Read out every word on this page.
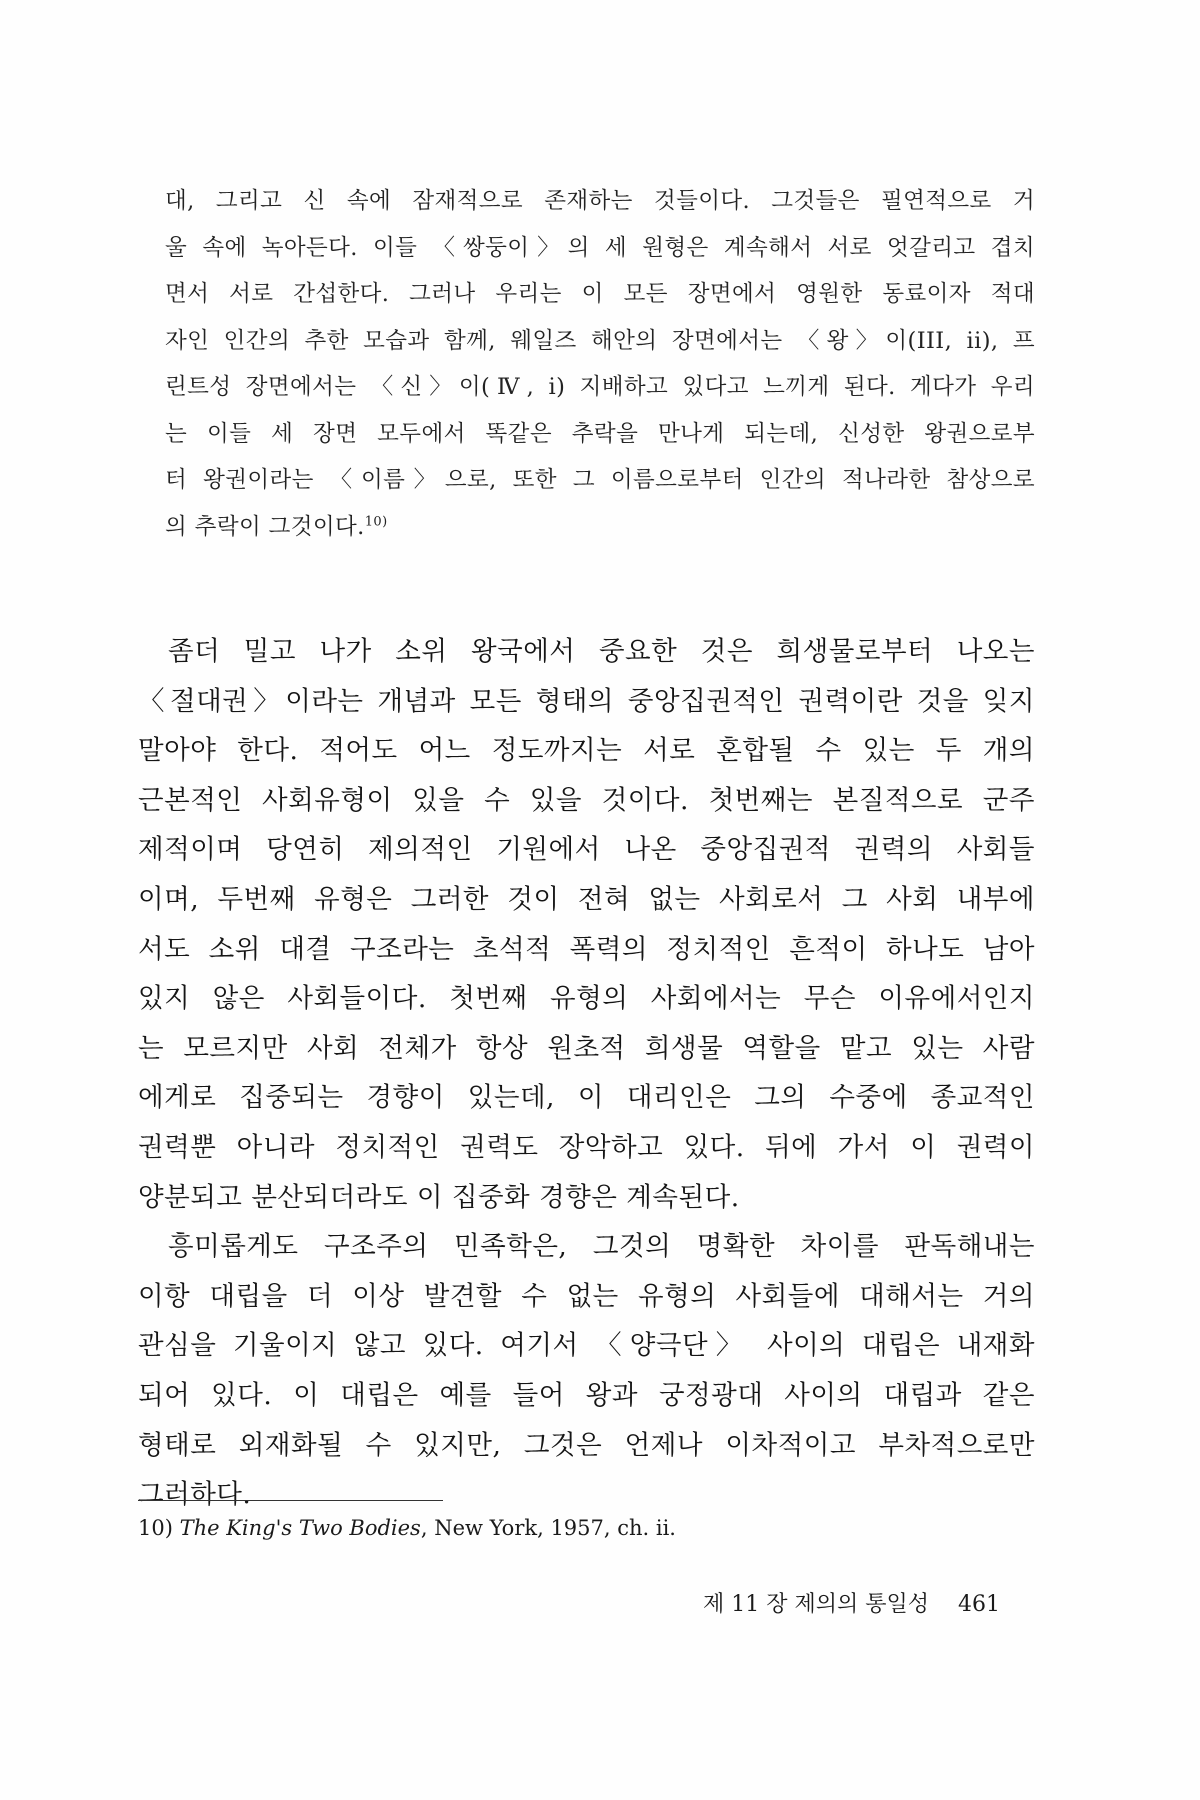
대, 그리고 신 속에 잠재적으로 존재하는 것들이다. 그것들은 필연적으로 거
울 속에 녹아든다. 이들 〈쌍둥이〉의 세 원형은 계속해서 서로 엇갈리고 겹치
면서 서로 간섭한다. 그러나 우리는 이 모든 장면에서 영원한 동료이자 적대
자인 인간의 추한 모습과 함께, 웨일즈 해안의 장면에서는 〈왕〉이(III, ii), 프
린트성 장면에서는 〈신〉이(Ⅳ, i) 지배하고 있다고 느끼게 된다. 게다가 우리
는 이들 세 장면 모두에서 똑같은 추락을 만나게 되는데, 신성한 왕권으로부
터 왕권이라는 〈이름〉으로, 또한 그 이름으로부터 인간의 적나라한 참상으로
의 추락이 그것이다.$^{10)}$
좀더 밀고 나가 소위 왕국에서 중요한 것은 희생물로부터 나오는
〈절대권〉이라는 개념과 모든 형태의 중앙집권적인 권력이란 것을 잊지
말아야 한다. 적어도 어느 정도까지는 서로 혼합될 수 있는 두 개의
근본적인 사회유형이 있을 수 있을 것이다. 첫번째는 본질적으로 군주
제적이며 당연히 제의적인 기원에서 나온 중앙집권적 권력의 사회들
이며, 두번째 유형은 그러한 것이 전혀 없는 사회로서 그 사회 내부에
서도 소위 대결 구조라는 초석적 폭력의 정치적인 흔적이 하나도 남아
있지 않은 사회들이다. 첫번째 유형의 사회에서는 무슨 이유에서인지
는 모르지만 사회 전체가 항상 원초적 희생물 역할을 맡고 있는 사람
에게로 집중되는 경향이 있는데, 이 대리인은 그의 수중에 종교적인
권력뿐 아니라 정치적인 권력도 장악하고 있다. 뒤에 가서 이 권력이
양분되고 분산되더라도 이 집중화 경향은 계속된다.
흥미롭게도 구조주의 민족학은, 그것의 명확한 차이를 판독해내는
이항 대립을 더 이상 발견할 수 없는 유형의 사회들에 대해서는 거의
관심을 기울이지 않고 있다. 여기서 〈양극단〉 사이의 대립은 내재화
되어 있다. 이 대립은 예를 들어 왕과 궁정광대 사이의 대립과 같은
형태로 외재화될 수 있지만, 그것은 언제나 이차적이고 부차적으로만
그러하다.
10) The King's Two Bodies, New York, 1957, ch. ii.
제 11 장 제의의 통일성 461
